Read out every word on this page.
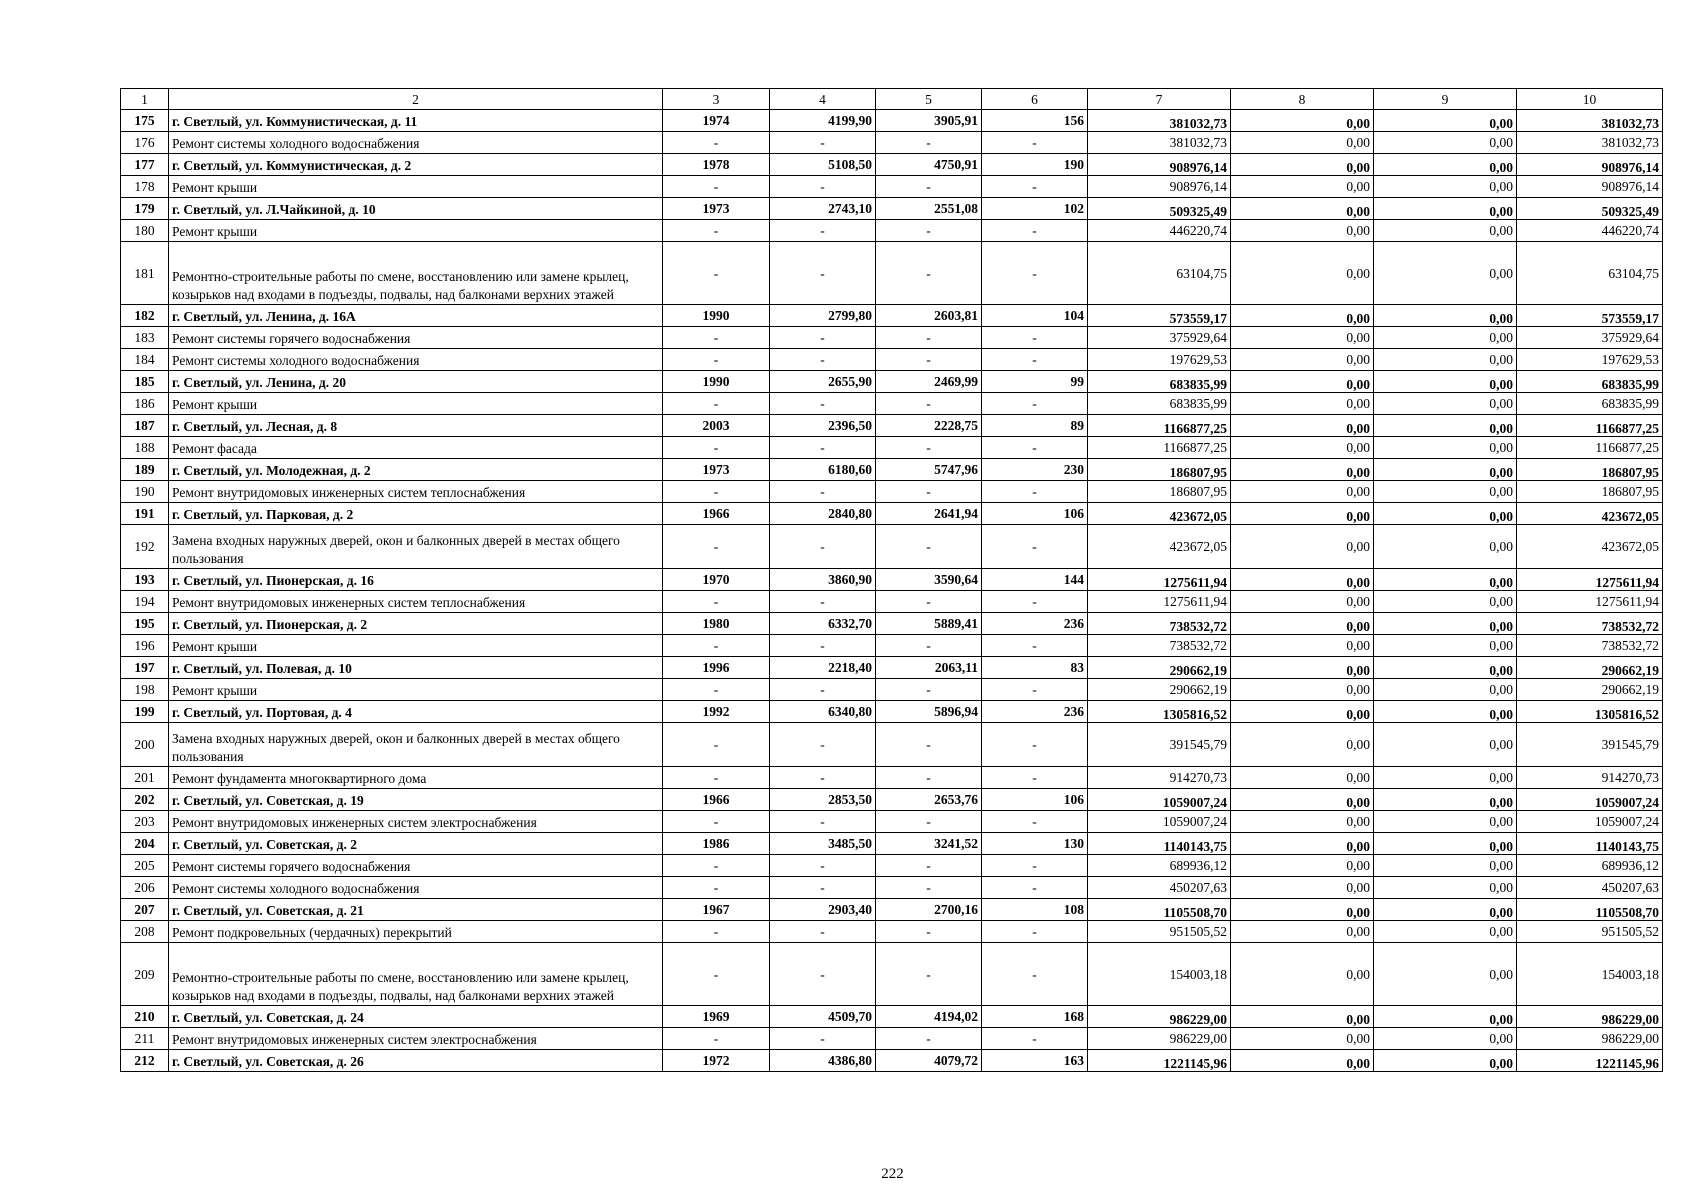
1	2	3	4	5	6	7	8	9	10
175	г. Светлый, ул. Коммунистическая, д. 11	1974	4199,90	3905,91	156	381032,73	0,00	0,00	381032,73
176	Ремонт системы холодного водоснабжения	-	-	-	-	381032,73	0,00	0,00	381032,73
177	г. Светлый, ул. Коммунистическая, д. 2	1978	5108,50	4750,91	190	908976,14	0,00	0,00	908976,14
178	Ремонт крыши	-	-	-	-	908976,14	0,00	0,00	908976,14
179	г. Светлый, ул. Л.Чайкиной, д. 10	1973	2743,10	2551,08	102	509325,49	0,00	0,00	509325,49
180	Ремонт крыши	-	-	-	-	446220,74	0,00	0,00	446220,74
181	Ремонтно-строительные работы по смене, восстановлению или замене крылец, козырьков над входами в подъезды, подвалы, над балконами верхних этажей	-	-	-	-	63104,75	0,00	0,00	63104,75
182	г. Светлый, ул. Ленина, д. 16А	1990	2799,80	2603,81	104	573559,17	0,00	0,00	573559,17
183	Ремонт системы горячего водоснабжения	-	-	-	-	375929,64	0,00	0,00	375929,64
184	Ремонт системы холодного водоснабжения	-	-	-	-	197629,53	0,00	0,00	197629,53
185	г. Светлый, ул. Ленина, д. 20	1990	2655,90	2469,99	99	683835,99	0,00	0,00	683835,99
186	Ремонт крыши	-	-	-	-	683835,99	0,00	0,00	683835,99
187	г. Светлый, ул. Лесная, д. 8	2003	2396,50	2228,75	89	1166877,25	0,00	0,00	1166877,25
188	Ремонт фасада	-	-	-	-	1166877,25	0,00	0,00	1166877,25
189	г. Светлый, ул. Молодежная, д. 2	1973	6180,60	5747,96	230	186807,95	0,00	0,00	186807,95
190	Ремонт внутридомовых инженерных систем теплоснабжения	-	-	-	-	186807,95	0,00	0,00	186807,95
191	г. Светлый, ул. Парковая, д. 2	1966	2840,80	2641,94	106	423672,05	0,00	0,00	423672,05
192	Замена входных наружных дверей, окон и балконных дверей в местах общего пользования	-	-	-	-	423672,05	0,00	0,00	423672,05
193	г. Светлый, ул. Пионерская, д. 16	1970	3860,90	3590,64	144	1275611,94	0,00	0,00	1275611,94
194	Ремонт внутридомовых инженерных систем теплоснабжения	-	-	-	-	1275611,94	0,00	0,00	1275611,94
195	г. Светлый, ул. Пионерская, д. 2	1980	6332,70	5889,41	236	738532,72	0,00	0,00	738532,72
196	Ремонт крыши	-	-	-	-	738532,72	0,00	0,00	738532,72
197	г. Светлый, ул. Полевая, д. 10	1996	2218,40	2063,11	83	290662,19	0,00	0,00	290662,19
198	Ремонт крыши	-	-	-	-	290662,19	0,00	0,00	290662,19
199	г. Светлый, ул. Портовая, д. 4	1992	6340,80	5896,94	236	1305816,52	0,00	0,00	1305816,52
200	Замена входных наружных дверей, окон и балконных дверей в местах общего пользования	-	-	-	-	391545,79	0,00	0,00	391545,79
201	Ремонт фундамента многоквартирного дома	-	-	-	-	914270,73	0,00	0,00	914270,73
202	г. Светлый, ул. Советская, д. 19	1966	2853,50	2653,76	106	1059007,24	0,00	0,00	1059007,24
203	Ремонт внутридомовых инженерных систем электроснабжения	-	-	-	-	1059007,24	0,00	0,00	1059007,24
204	г. Светлый, ул. Советская, д. 2	1986	3485,50	3241,52	130	1140143,75	0,00	0,00	1140143,75
205	Ремонт системы горячего водоснабжения	-	-	-	-	689936,12	0,00	0,00	689936,12
206	Ремонт системы холодного водоснабжения	-	-	-	-	450207,63	0,00	0,00	450207,63
207	г. Светлый, ул. Советская, д. 21	1967	2903,40	2700,16	108	1105508,70	0,00	0,00	1105508,70
208	Ремонт подкровельных (чердачных) перекрытий	-	-	-	-	951505,52	0,00	0,00	951505,52
209	Ремонтно-строительные работы по смене, восстановлению или замене крылец, козырьков над входами в подъезды, подвалы, над балконами верхних этажей	-	-	-	-	154003,18	0,00	0,00	154003,18
210	г. Светлый, ул. Советская, д. 24	1969	4509,70	4194,02	168	986229,00	0,00	0,00	986229,00
211	Ремонт внутридомовых инженерных систем электроснабжения	-	-	-	-	986229,00	0,00	0,00	986229,00
212	г. Светлый, ул. Советская, д. 26	1972	4386,80	4079,72	163	1221145,96	0,00	0,00	1221145,96
222
